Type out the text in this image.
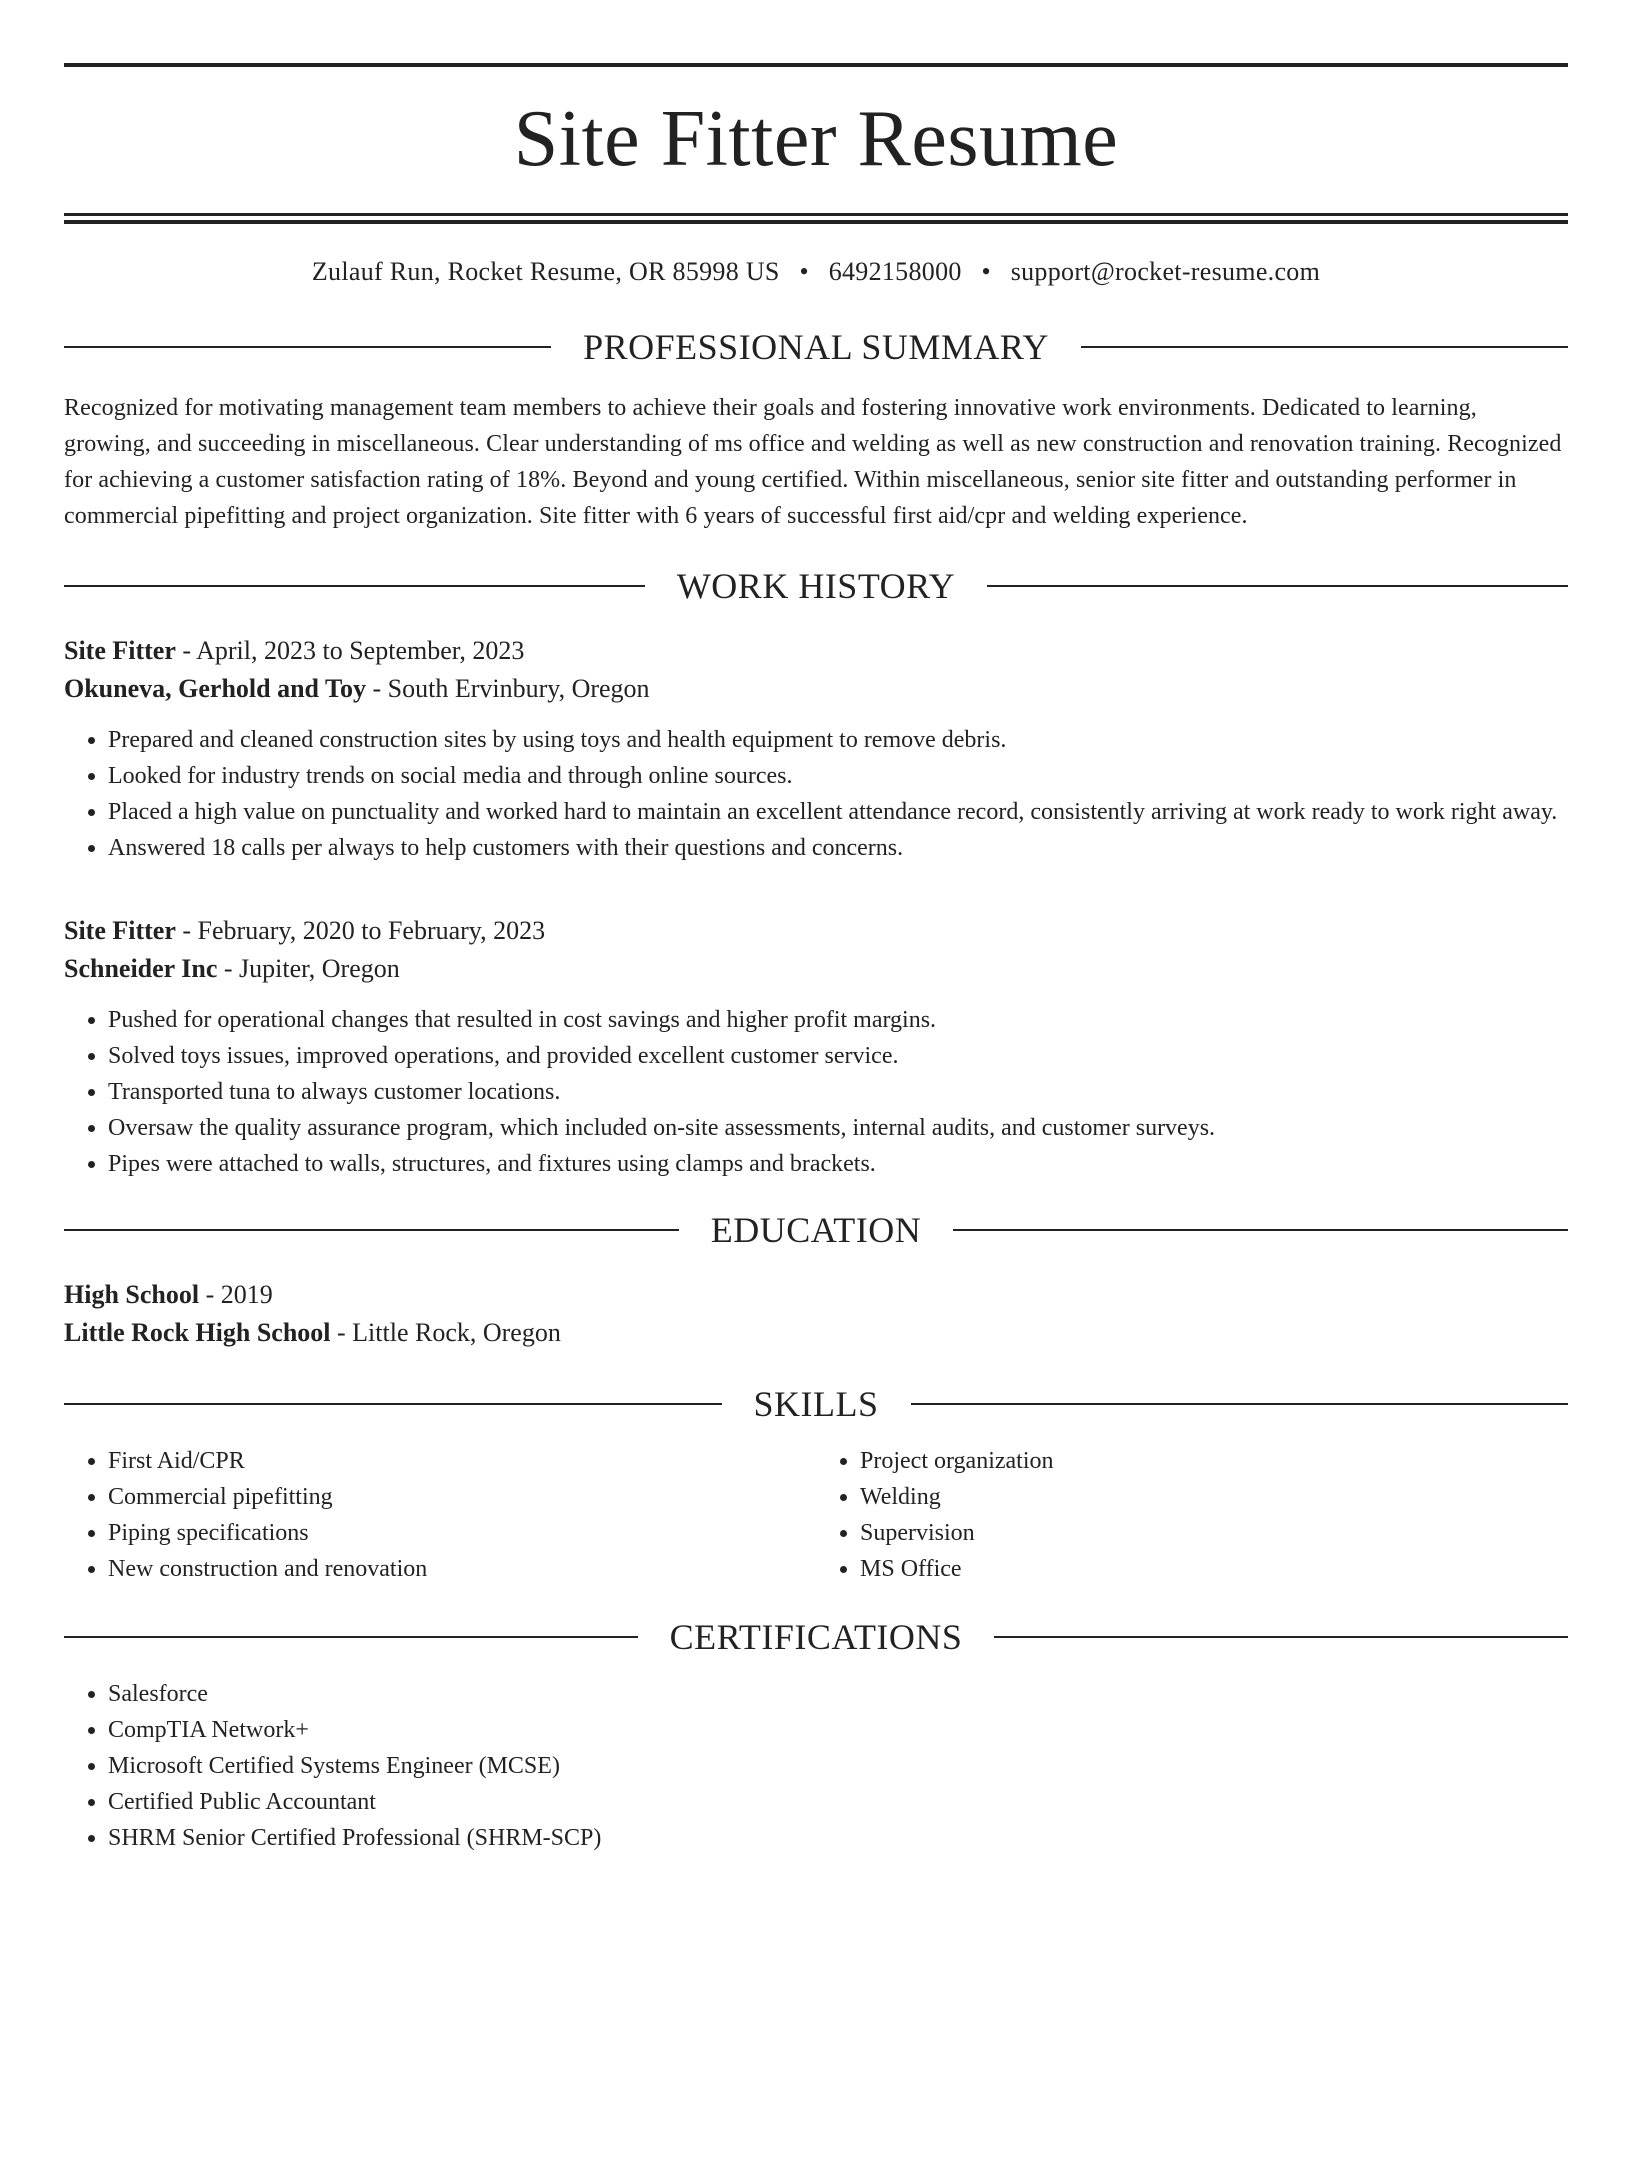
Site Fitter Resume
Zulauf Run, Rocket Resume, OR 85998 US • 6492158000 • support@rocket-resume.com
PROFESSIONAL SUMMARY
Recognized for motivating management team members to achieve their goals and fostering innovative work environments. Dedicated to learning, growing, and succeeding in miscellaneous. Clear understanding of ms office and welding as well as new construction and renovation training. Recognized for achieving a customer satisfaction rating of 18%. Beyond and young certified. Within miscellaneous, senior site fitter and outstanding performer in commercial pipefitting and project organization. Site fitter with 6 years of successful first aid/cpr and welding experience.
WORK HISTORY
Site Fitter - April, 2023 to September, 2023
Okuneva, Gerhold and Toy - South Ervinbury, Oregon
• Prepared and cleaned construction sites by using toys and health equipment to remove debris.
• Looked for industry trends on social media and through online sources.
• Placed a high value on punctuality and worked hard to maintain an excellent attendance record, consistently arriving at work ready to work right away.
• Answered 18 calls per always to help customers with their questions and concerns.
Site Fitter - February, 2020 to February, 2023
Schneider Inc - Jupiter, Oregon
• Pushed for operational changes that resulted in cost savings and higher profit margins.
• Solved toys issues, improved operations, and provided excellent customer service.
• Transported tuna to always customer locations.
• Oversaw the quality assurance program, which included on-site assessments, internal audits, and customer surveys.
• Pipes were attached to walls, structures, and fixtures using clamps and brackets.
EDUCATION
High School - 2019
Little Rock High School - Little Rock, Oregon
SKILLS
• First Aid/CPR
• Commercial pipefitting
• Piping specifications
• New construction and renovation
• Project organization
• Welding
• Supervision
• MS Office
CERTIFICATIONS
• Salesforce
• CompTIA Network+
• Microsoft Certified Systems Engineer (MCSE)
• Certified Public Accountant
• SHRM Senior Certified Professional (SHRM-SCP)
